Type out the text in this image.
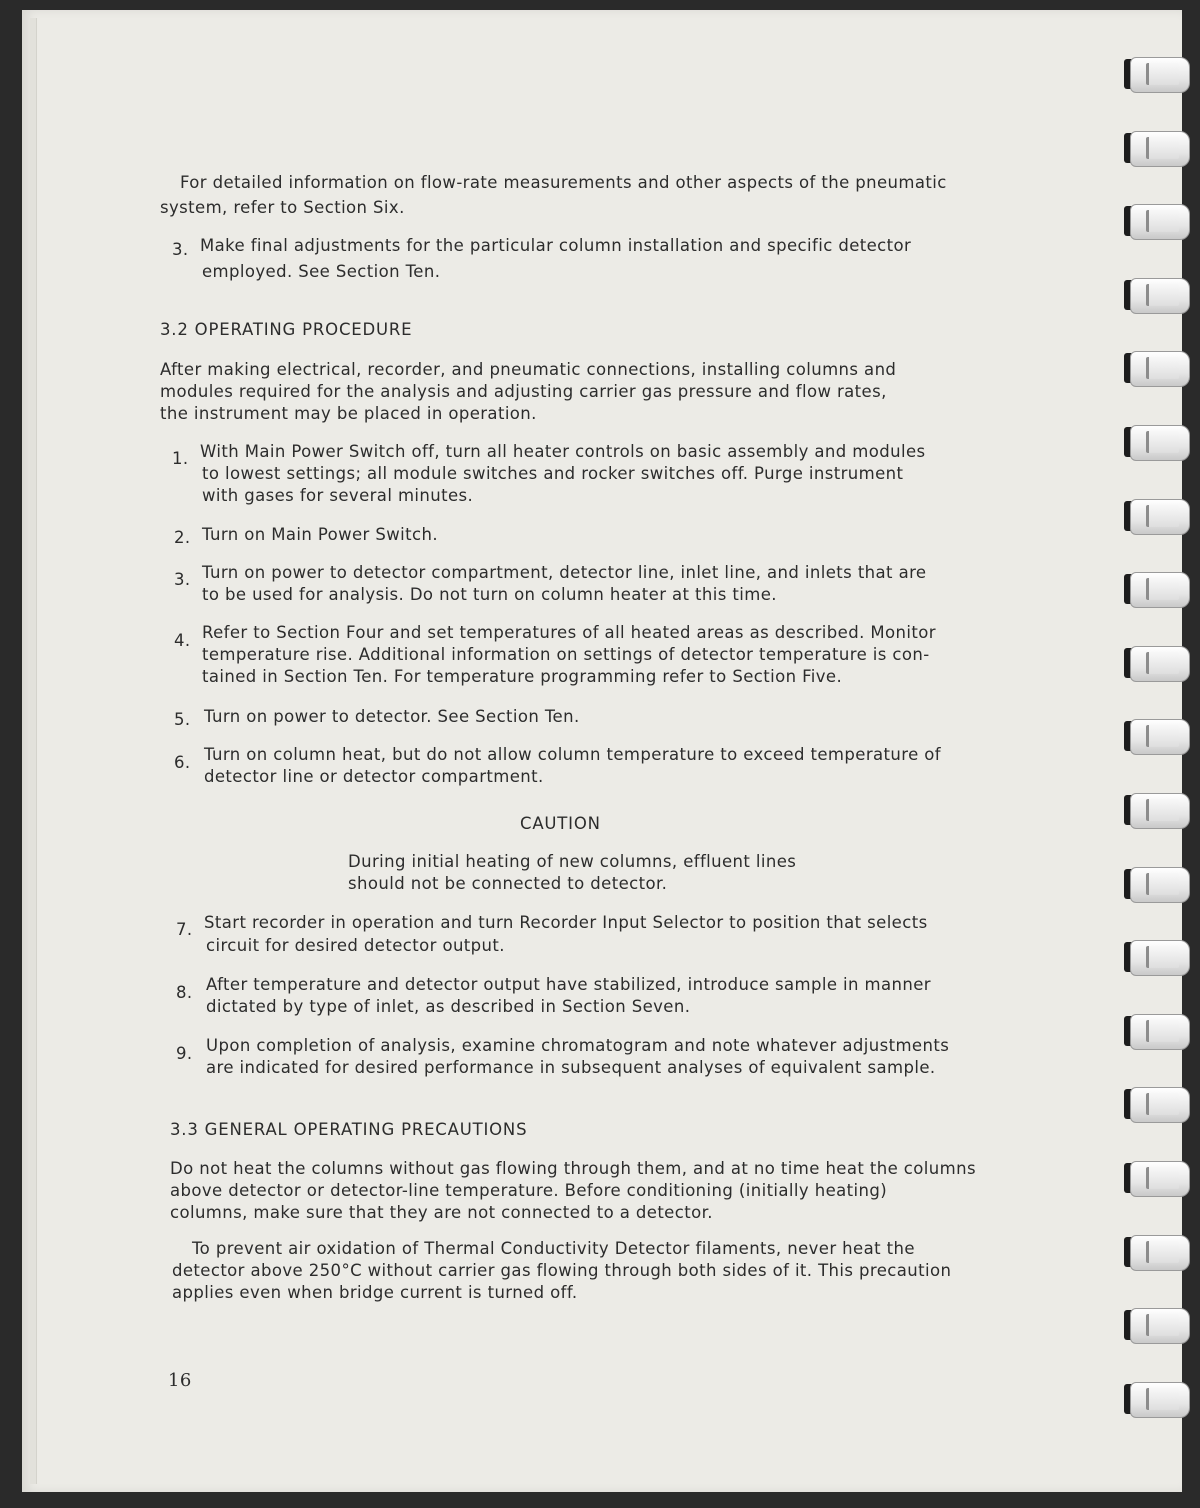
For detailed information on flow-rate measurements and other aspects of the pneumatic

system, refer to Section Six.

3. Make final adjustments for the particular column installation and specific detector

employed. See Section Ten.

3.2 OPERATING PROCEDURE

After making electrical, recorder, and pneumatic connections, installing columns and

modules required for the analysis and adjusting carrier gas pressure and flow rates,

the instrument may be placed in operation.

1. With Main Power Switch off, turn all heater controls on basic assembly and modules

to lowest settings; all module switches and rocker switches off. Purge instrument

with gases for several minutes.

2. Turn on Main Power Switch.

3. Turn on power to detector compartment, detector line, inlet line, and inlets that are

to be used for analysis. Do not turn on column heater at this time.

4. Refer to Section Four and set temperatures of all heated areas as described. Monitor

temperature rise. Additional information on settings of detector temperature is con-

tained in Section Ten. For temperature programming refer to Section Five.

5. Turn on power to detector. See Section Ten.

6. Turn on column heat, but do not allow column temperature to exceed temperature of

detector line or detector compartment.

CAUTION

During initial heating of new columns, effluent lines

should not be connected to detector.

7. Start recorder in operation and turn Recorder Input Selector to position that selects

circuit for desired detector output.

8. After temperature and detector output have stabilized, introduce sample in manner

dictated by type of inlet, as described in Section Seven.

9. Upon completion of analysis, examine chromatogram and note whatever adjustments

are indicated for desired performance in subsequent analyses of equivalent sample.

3.3 GENERAL OPERATING PRECAUTIONS

Do not heat the columns without gas flowing through them, and at no time heat the columns

above detector or detector-line temperature. Before conditioning (initially heating)

columns, make sure that they are not connected to a detector.

To prevent air oxidation of Thermal Conductivity Detector filaments, never heat the

detector above 250°C without carrier gas flowing through both sides of it. This precaution

applies even when bridge current is turned off.

16
